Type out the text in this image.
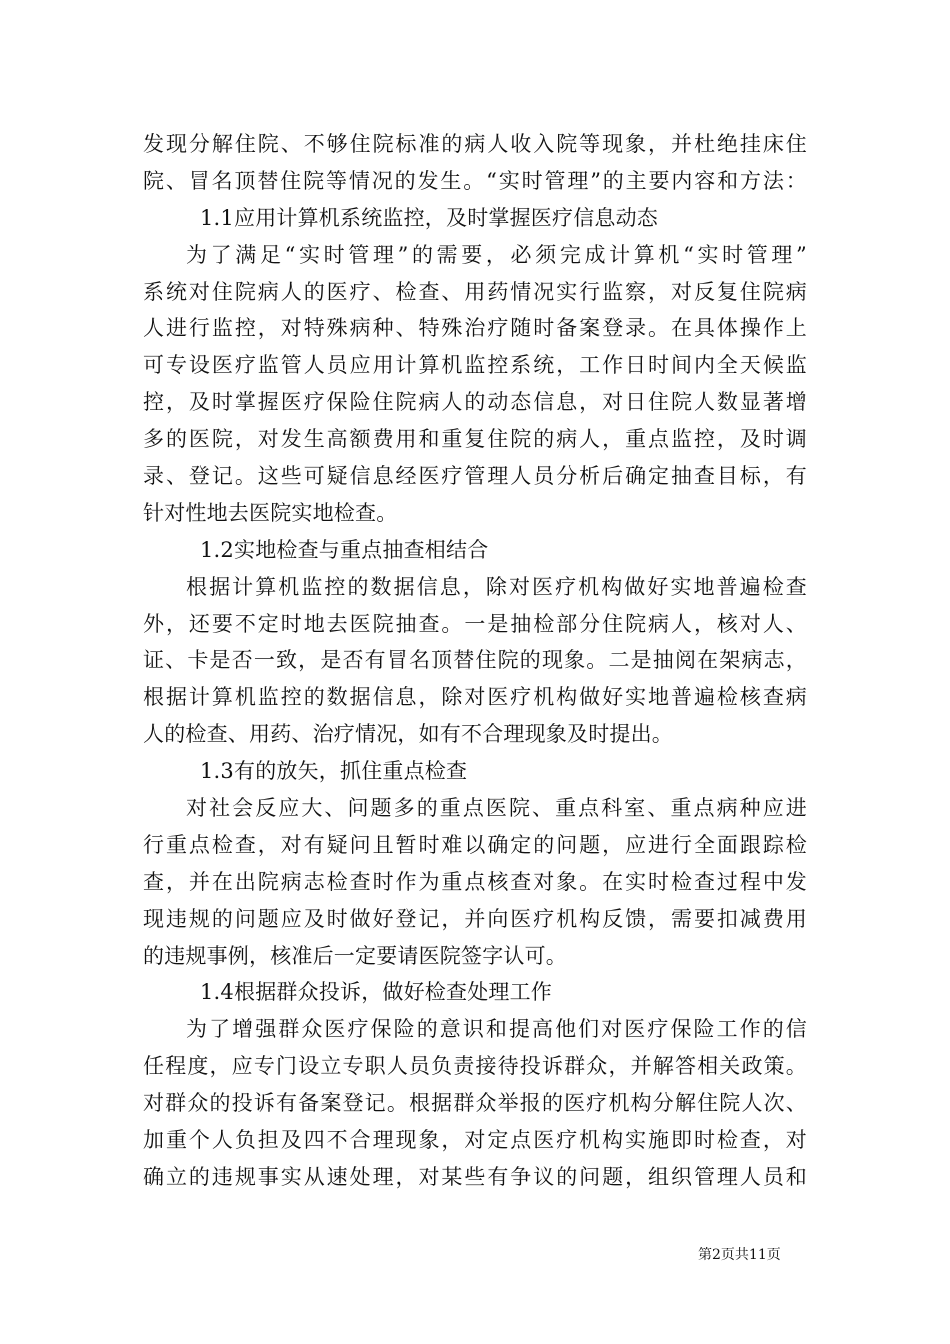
发现分解住院、不够住院标准的病人收入院等现象，并杜绝挂床住
院、冒名顶替住院等情况的发生。“实时管理”的主要内容和方法：
1.1应用计算机系统监控，及时掌握医疗信息动态
为了满足“实时管理”的需要，必须完成计算机“实时管理”
系统对住院病人的医疗、检查、用药情况实行监察，对反复住院病
人进行监控，对特殊病种、特殊治疗随时备案登录。在具体操作上
可专设医疗监管人员应用计算机监控系统，工作日时间内全天候监
控，及时掌握医疗保险住院病人的动态信息，对日住院人数显著增
多的医院，对发生高额费用和重复住院的病人，重点监控，及时调
录、登记。这些可疑信息经医疗管理人员分析后确定抽查目标，有
针对性地去医院实地检查。
1.2实地检查与重点抽查相结合
根据计算机监控的数据信息，除对医疗机构做好实地普遍检查
外，还要不定时地去医院抽查。一是抽检部分住院病人，核对人、
证、卡是否一致，是否有冒名顶替住院的现象。二是抽阅在架病志，
根据计算机监控的数据信息，除对医疗机构做好实地普遍检核查病
人的检查、用药、治疗情况，如有不合理现象及时提出。
1.3有的放矢，抓住重点检查
对社会反应大、问题多的重点医院、重点科室、重点病种应进
行重点检查，对有疑问且暂时难以确定的问题，应进行全面跟踪检
查，并在出院病志检查时作为重点核查对象。在实时检查过程中发
现违规的问题应及时做好登记，并向医疗机构反馈，需要扣减费用
的违规事例，核准后一定要请医院签字认可。
1.4根据群众投诉，做好检查处理工作
为了增强群众医疗保险的意识和提高他们对医疗保险工作的信
任程度，应专门设立专职人员负责接待投诉群众，并解答相关政策。
对群众的投诉有备案登记。根据群众举报的医疗机构分解住院人次、
加重个人负担及四不合理现象，对定点医疗机构实施即时检查，对
确立的违规事实从速处理，对某些有争议的问题，组织管理人员和
第2页共11页
